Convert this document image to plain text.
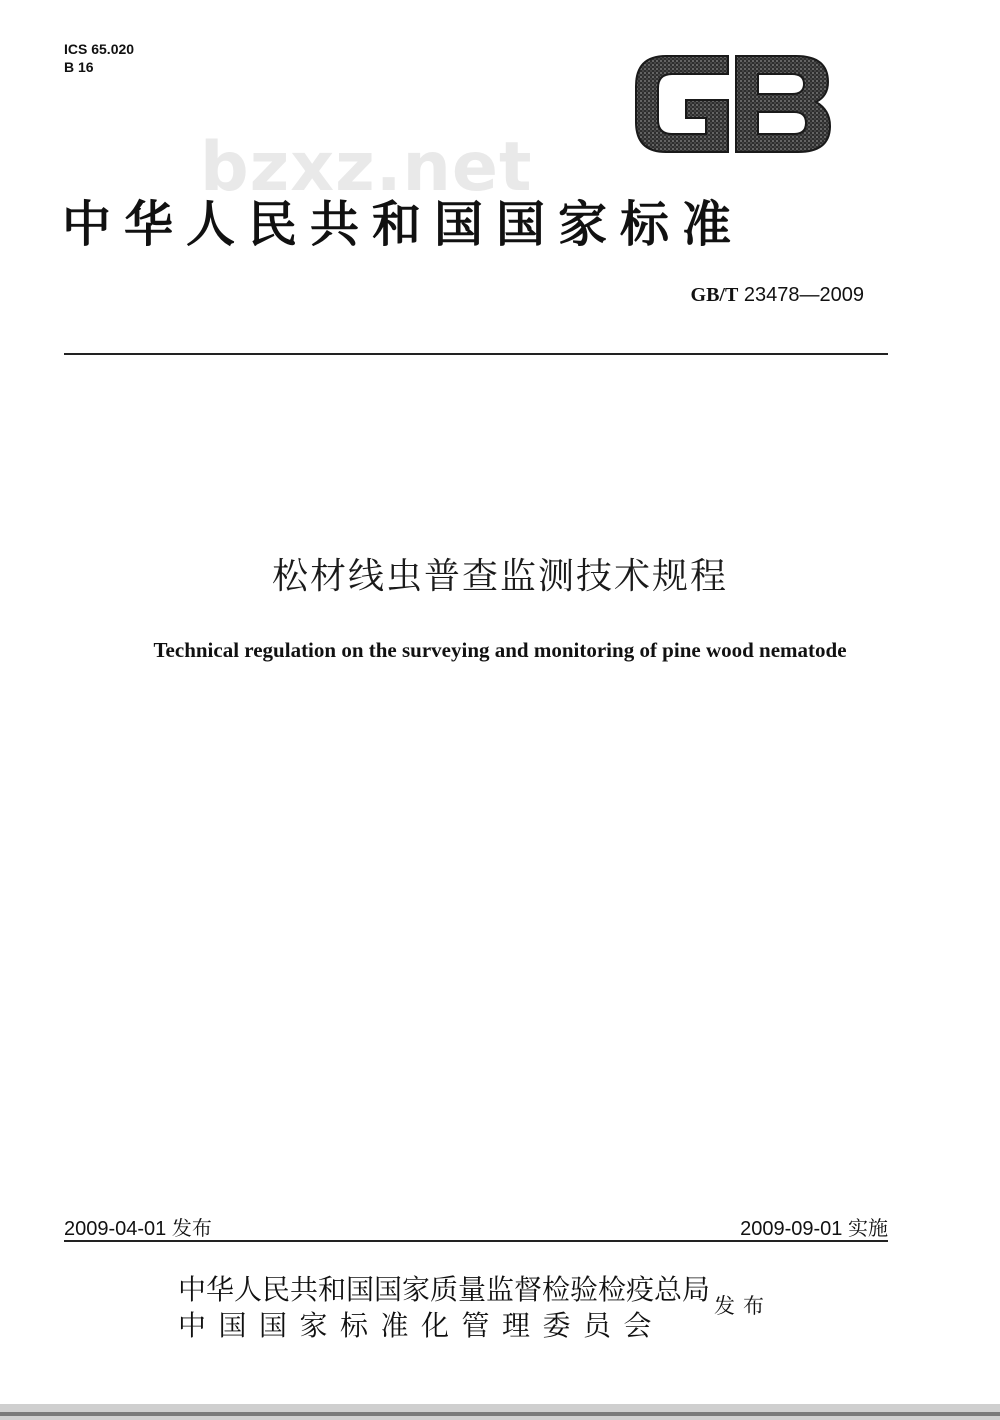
ICS 65.020
B 16
bzxz.net
中华人民共和国国家标准
GB/T 23478—2009
松材线虫普查监测技术规程
Technical regulation on the surveying and monitoring of pine wood nematode
2009-04-01 发布	2009-09-01 实施
中华人民共和国国家质量监督检验检疫总局
中国国家标准化管理委员会
发布
